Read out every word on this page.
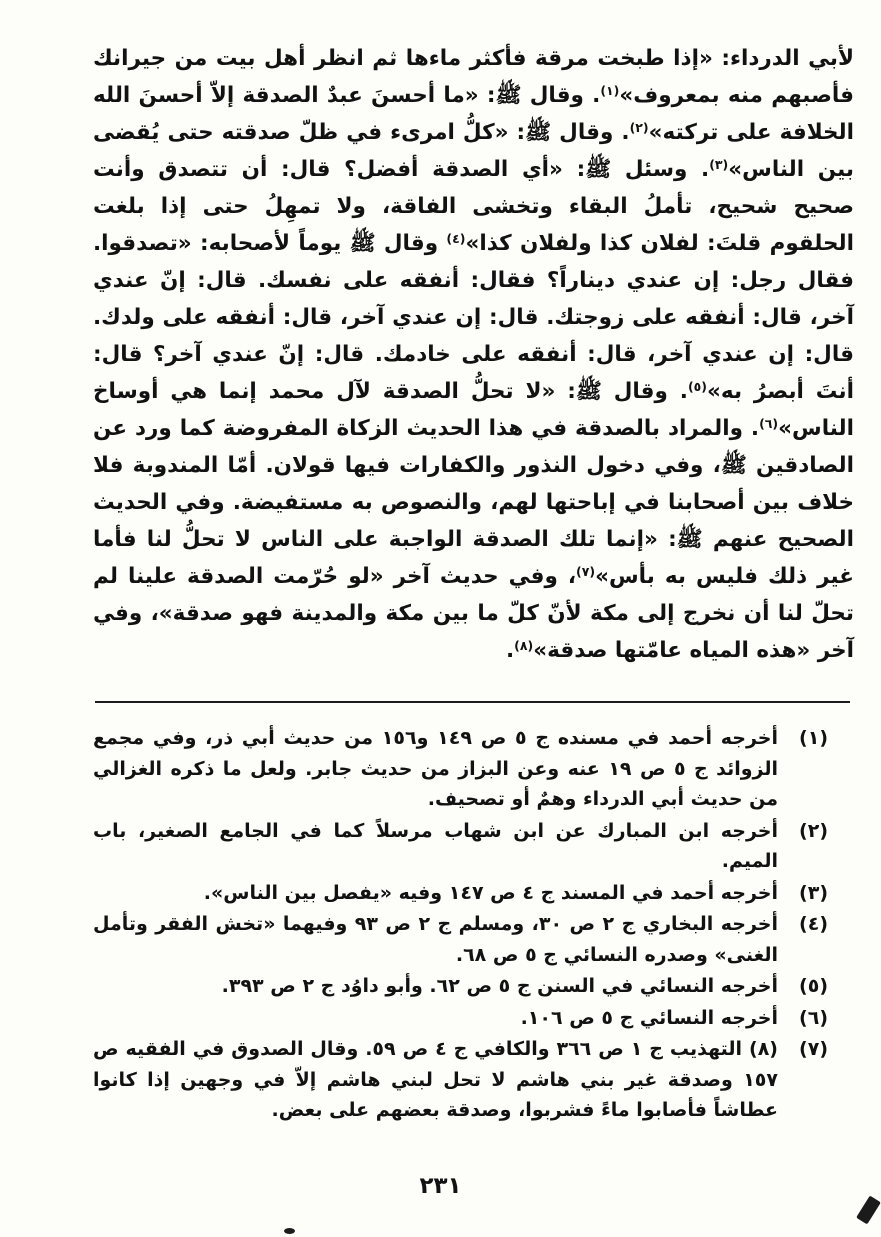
لأبي الدرداء: «إذا طبخت مرقة فأكثر ماءها ثم انظر أهل بيت من جيرانك فأصبهم منه بمعروف»$^{(١)}$. وقال ﷺ: «ما أحسنَ عبدٌ الصدقة إلاّ أحسنَ الله الخلافة على تركته»$^{(٢)}$. وقال ﷺ: «كلُّ امرىء في ظلّ صدقته حتى يُقضى بين الناس»$^{(٣)}$. وسئل ﷺ: «أي الصدقة أفضل؟ قال: أن تتصدق وأنت صحيح شحيح، تأملُ البقاء وتخشى الفاقة، ولا تمهِلُ حتى إذا بلغت الحلقوم قلتَ: لفلان كذا ولفلان كذا»$^{(٤)}$ وقال ﷺ يوماً لأصحابه: «تصدقوا. فقال رجل: إن عندي ديناراً؟ فقال: أنفقه على نفسك. قال: إنّ عندي آخر، قال: أنفقه على زوجتك. قال: إن عندي آخر، قال: أنفقه على ولدك. قال: إن عندي آخر، قال: أنفقه على خادمك. قال: إنّ عندي آخر؟ قال: أنتَ أبصرُ به»$^{(٥)}$. وقال ﷺ: «لا تحلُّ الصدقة لآل محمد إنما هي أوساخ الناس»$^{(٦)}$. والمراد بالصدقة في هذا الحديث الزكاة المفروضة كما ورد عن الصادقين ﷺ، وفي دخول النذور والكفارات فيها قولان. أمّا المندوبة فلا خلاف بين أصحابنا في إباحتها لهم، والنصوص به مستفيضة. وفي الحديث الصحيح عنهم ﷺ: «إنما تلك الصدقة الواجبة على الناس لا تحلُّ لنا فأما غير ذلك فليس به بأس»$^{(٧)}$، وفي حديث آخر «لو حُرّمت الصدقة علينا لم تحلّ لنا أن نخرج إلى مكة لأنّ كلّ ما بين مكة والمدينة فهو صدقة»، وفي آخر «هذه المياه عامّتها صدقة»$^{(٨)}$.
(١)
أخرجه أحمد في مسنده ج ٥ ص ١٤٩ و١٥٦ من حديث أبي ذر، وفي مجمع الزوائد ج ٥ ص ١٩ عنه وعن البزاز من حديث جابر. ولعل ما ذكره الغزالي من حديث أبي الدرداء وهمٌ أو تصحيف.
(٢)
أخرجه ابن المبارك عن ابن شهاب مرسلاً كما في الجامع الصغير، باب الميم.
(٣)
أخرجه أحمد في المسند ج ٤ ص ١٤٧ وفيه «يفصل بين الناس».
(٤)
أخرجه البخاري ج ٢ ص ٣٠، ومسلم ج ٢ ص ٩٣ وفيهما «تخش الفقر وتأمل الغنى» وصدره النسائي ج ٥ ص ٦٨.
(٥)
أخرجه النسائي في السنن ج ٥ ص ٦٢. وأبو داوُد ج ٢ ص ٣٩٣.
(٦)
أخرجه النسائي ج ٥ ص ١٠٦.
(٧)
(٨) التهذيب ج ١ ص ٣٦٦ والكافي ج ٤ ص ٥٩. وقال الصدوق في الفقيه ص ١٥٧ وصدقة غير بني هاشم لا تحل لبني هاشم إلاّ في وجهين إذا كانوا عطاشاً فأصابوا ماءً فشربوا، وصدقة بعضهم على بعض.
٢٣١
